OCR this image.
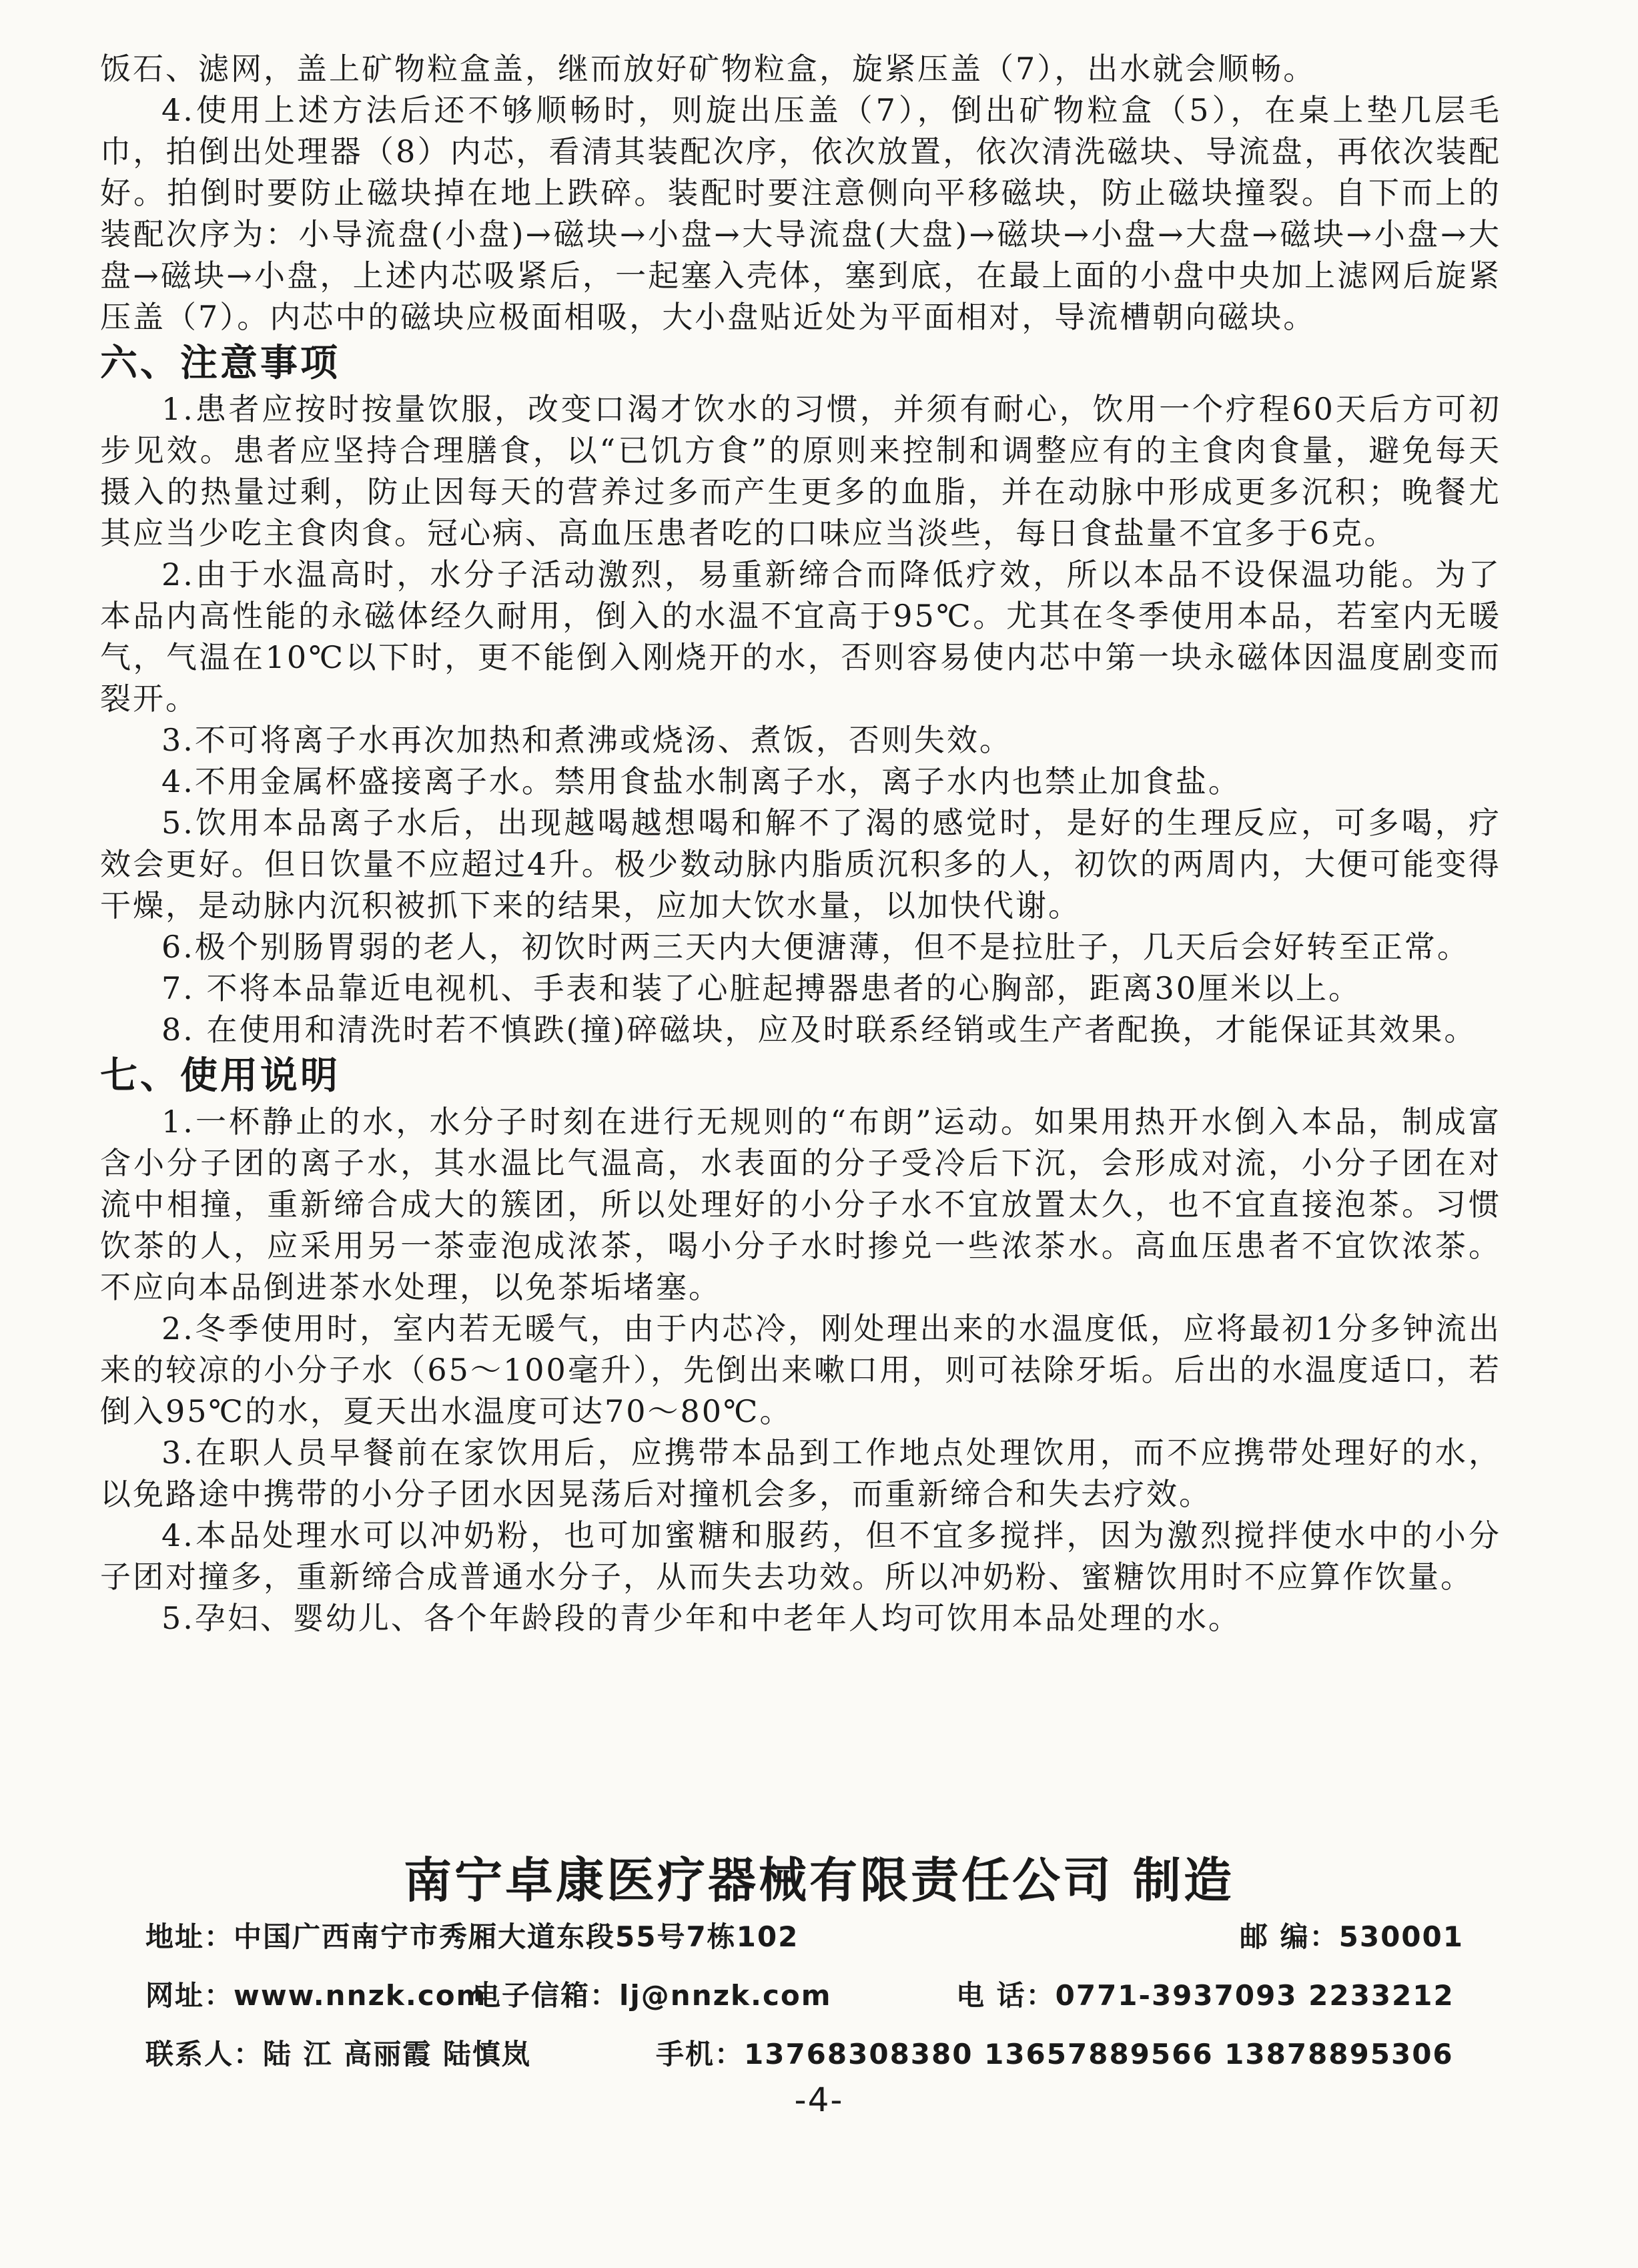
饭石、滤网，盖上矿物粒盒盖，继而放好矿物粒盒，旋紧压盖（7），出水就会顺畅。

4.使用上述方法后还不够顺畅时，则旋出压盖（7），倒出矿物粒盒（5），在桌上垫几层毛巾，拍倒出处理器（8）内芯，看清其装配次序，依次放置，依次清洗磁块、导流盘，再依次装配好。拍倒时要防止磁块掉在地上跌碎。装配时要注意侧向平移磁块，防止磁块撞裂。自下而上的装配次序为：小导流盘(小盘)→磁块→小盘→大导流盘(大盘)→磁块→小盘→大盘→磁块→小盘→大盘→磁块→小盘，上述内芯吸紧后，一起塞入壳体，塞到底，在最上面的小盘中央加上滤网后旋紧压盖（7）。内芯中的磁块应极面相吸，大小盘贴近处为平面相对，导流槽朝向磁块。

六、注意事项

1.患者应按时按量饮服，改变口渴才饮水的习惯，并须有耐心，饮用一个疗程60天后方可初步见效。患者应坚持合理膳食，以“已饥方食”的原则来控制和调整应有的主食肉食量，避免每天摄入的热量过剩，防止因每天的营养过多而产生更多的血脂，并在动脉中形成更多沉积；晚餐尤其应当少吃主食肉食。冠心病、高血压患者吃的口味应当淡些，每日食盐量不宜多于6克。

2.由于水温高时，水分子活动激烈，易重新缔合而降低疗效，所以本品不设保温功能。为了本品内高性能的永磁体经久耐用，倒入的水温不宜高于95℃。尤其在冬季使用本品，若室内无暖气，气温在10℃以下时，更不能倒入刚烧开的水，否则容易使内芯中第一块永磁体因温度剧变而裂开。

3.不可将离子水再次加热和煮沸或烧汤、煮饭，否则失效。

4.不用金属杯盛接离子水。禁用食盐水制离子水，离子水内也禁止加食盐。

5.饮用本品离子水后，出现越喝越想喝和解不了渴的感觉时，是好的生理反应，可多喝，疗效会更好。但日饮量不应超过4升。极少数动脉内脂质沉积多的人，初饮的两周内，大便可能变得干燥，是动脉内沉积被抓下来的结果，应加大饮水量，以加快代谢。

6.极个别肠胃弱的老人，初饮时两三天内大便溏薄，但不是拉肚子，几天后会好转至正常。

7. 不将本品靠近电视机、手表和装了心脏起搏器患者的心胸部，距离30厘米以上。

8. 在使用和清洗时若不慎跌(撞)碎磁块，应及时联系经销或生产者配换，才能保证其效果。

七、使用说明

1.一杯静止的水，水分子时刻在进行无规则的“布朗”运动。如果用热开水倒入本品，制成富含小分子团的离子水，其水温比气温高，水表面的分子受冷后下沉，会形成对流，小分子团在对流中相撞，重新缔合成大的簇团，所以处理好的小分子水不宜放置太久，也不宜直接泡茶。习惯饮茶的人，应采用另一茶壶泡成浓茶，喝小分子水时掺兑一些浓茶水。高血压患者不宜饮浓茶。不应向本品倒进茶水处理，以免茶垢堵塞。

2.冬季使用时，室内若无暖气，由于内芯冷，刚处理出来的水温度低，应将最初1分多钟流出来的较凉的小分子水（65～100毫升），先倒出来嗽口用，则可祛除牙垢。后出的水温度适口，若倒入95℃的水，夏天出水温度可达70～80℃。

3.在职人员早餐前在家饮用后，应携带本品到工作地点处理饮用，而不应携带处理好的水，以免路途中携带的小分子团水因晃荡后对撞机会多，而重新缔合和失去疗效。

4.本品处理水可以冲奶粉，也可加蜜糖和服药，但不宜多搅拌，因为激烈搅拌使水中的小分子团对撞多，重新缔合成普通水分子，从而失去功效。所以冲奶粉、蜜糖饮用时不应算作饮量。

5.孕妇、婴幼儿、各个年龄段的青少年和中老年人均可饮用本品处理的水。

南宁卓康医疗器械有限责任公司 制造
地址：中国广西南宁市秀厢大道东段55号7栋102	邮 编：530001
网址：www.nnzk.com
电子信箱：lj@nnzk.com	电 话：0771-3937093 2233212
联系人：陆 江 高丽霞 陆慎岚	手机：13768308380 13657889566 13878895306
-4-
